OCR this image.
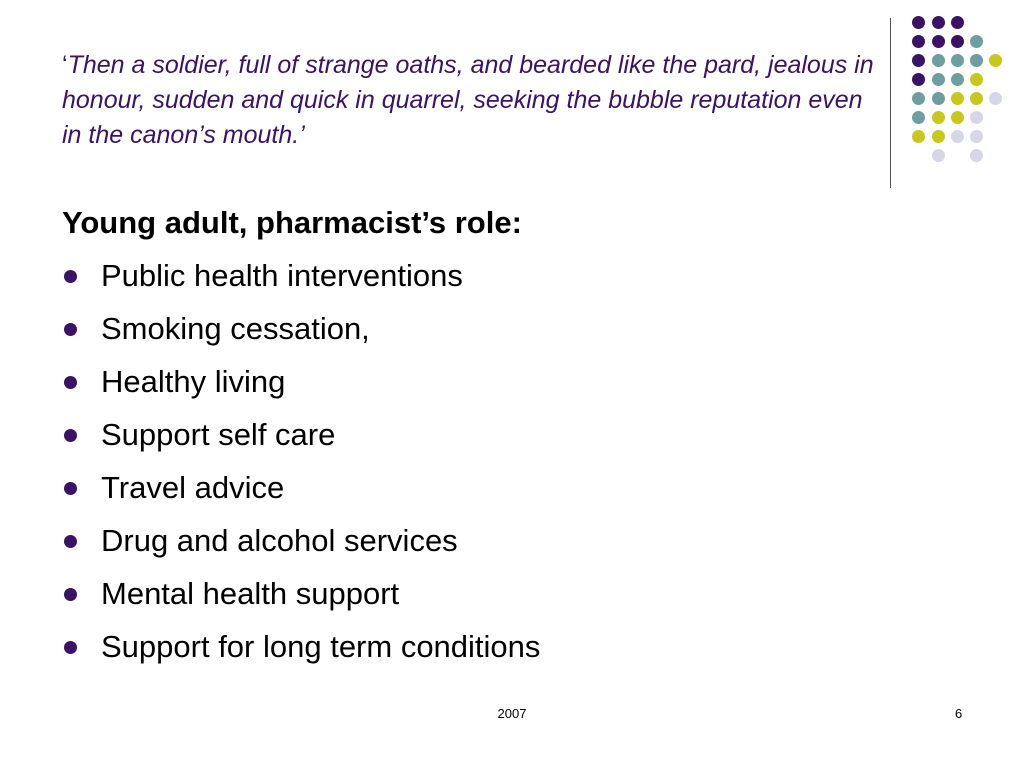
‘Then a soldier, full of strange oaths, and bearded like the pard, jealous in honour, sudden and quick in quarrel, seeking the bubble reputation even in the canon’s mouth.’

Young adult, pharmacist’s role:

Public health interventions
Smoking cessation,
Healthy living
Support self care
Travel advice
Drug and alcohol services
Mental health support
Support for long term conditions
2007	6
